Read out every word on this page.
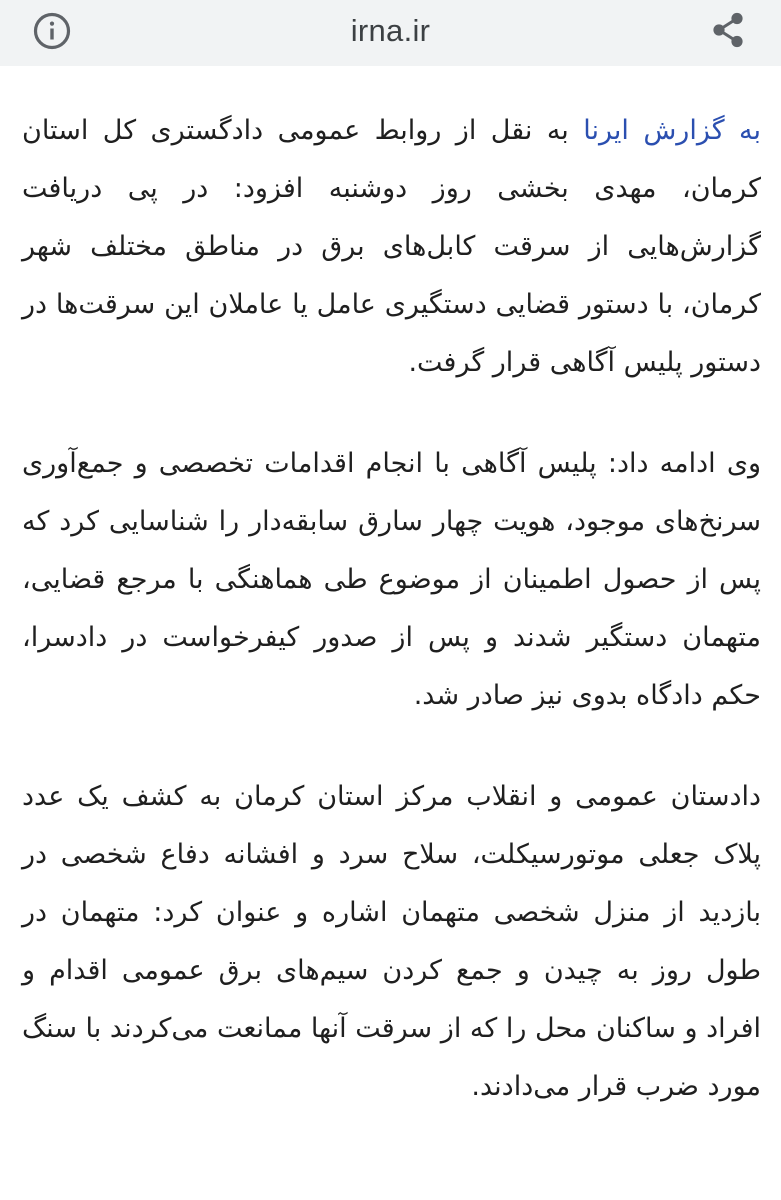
irna.ir

به گزارش ایرنا به نقل از روابط عمومی دادگستری کل استان کرمان، مهدی بخشی روز دوشنبه افزود: در پی دریافت گزارش‌هایی از سرقت کابل‌های برق در مناطق مختلف شهر کرمان، با دستور قضایی دستگیری عامل یا عاملان این سرقت‌ها در دستور پلیس آگاهی قرار گرفت.

وی ادامه داد: پلیس آگاهی با انجام اقدامات تخصصی و جمع‌آوری سرنخ‌های موجود، هویت چهار سارق سابقه‌دار را شناسایی کرد که پس از حصول اطمینان از موضوع طی هماهنگی با مرجع قضایی، متهمان دستگیر شدند و پس از صدور کیفرخواست در دادسرا، حکم دادگاه بدوی نیز صادر شد.

دادستان عمومی و انقلاب مرکز استان کرمان به کشف یک عدد پلاک جعلی موتورسیکلت، سلاح سرد و افشانه دفاع شخصی در بازدید از منزل شخصی متهمان اشاره و عنوان کرد: متهمان در طول روز به چیدن و جمع کردن سیم‌های برق عمومی اقدام و افراد و ساکنان محل را که از سرقت آنها ممانعت می‌کردند با سنگ مورد ضرب قرار می‌دادند.
